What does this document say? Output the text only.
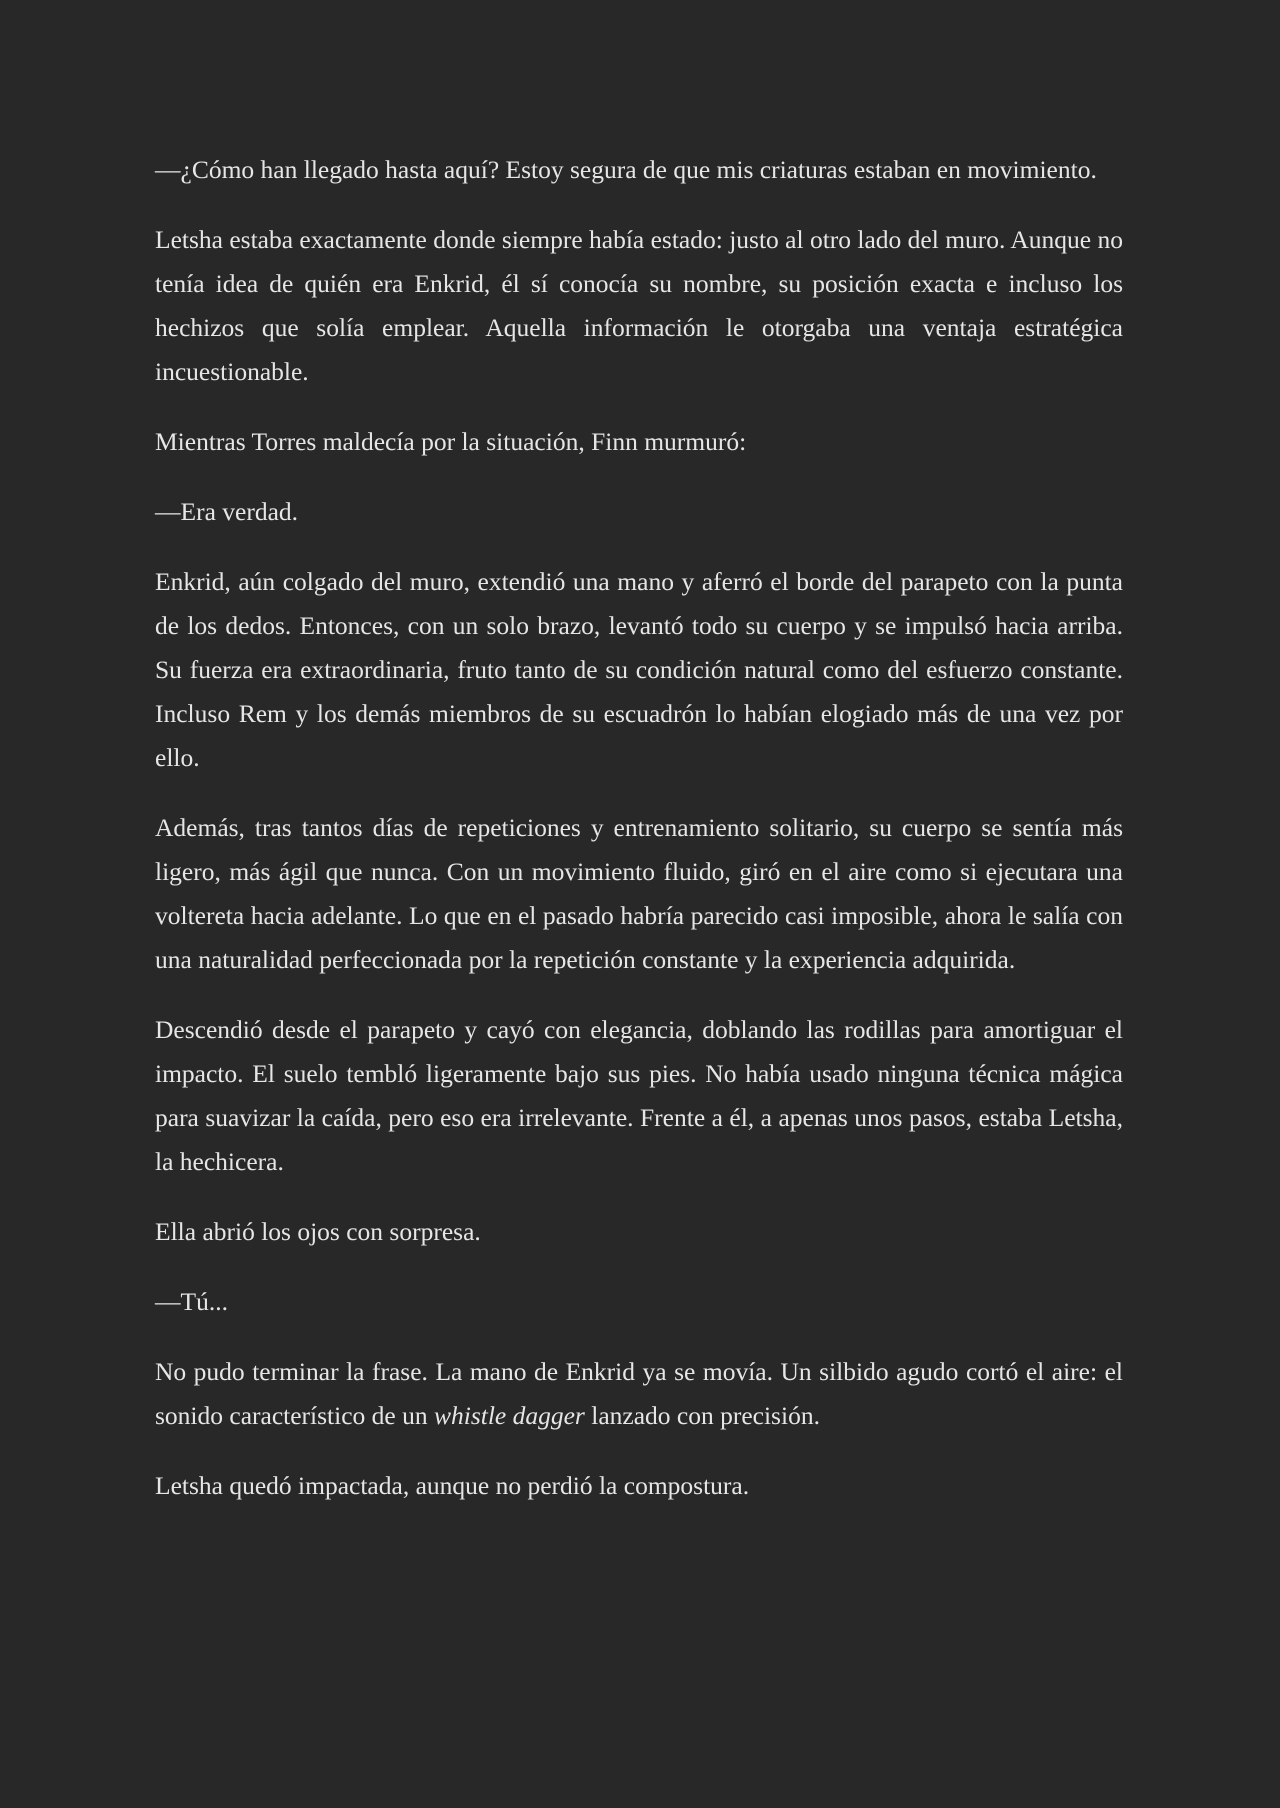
—¿Cómo han llegado hasta aquí? Estoy segura de que mis criaturas estaban en movimiento.

Letsha estaba exactamente donde siempre había estado: justo al otro lado del muro. Aunque no tenía idea de quién era Enkrid, él sí conocía su nombre, su posición exacta e incluso los hechizos que solía emplear. Aquella información le otorgaba una ventaja estratégica incuestionable.

Mientras Torres maldecía por la situación, Finn murmuró:

—Era verdad.

Enkrid, aún colgado del muro, extendió una mano y aferró el borde del parapeto con la punta de los dedos. Entonces, con un solo brazo, levantó todo su cuerpo y se impulsó hacia arriba. Su fuerza era extraordinaria, fruto tanto de su condición natural como del esfuerzo constante. Incluso Rem y los demás miembros de su escuadrón lo habían elogiado más de una vez por ello.

Además, tras tantos días de repeticiones y entrenamiento solitario, su cuerpo se sentía más ligero, más ágil que nunca. Con un movimiento fluido, giró en el aire como si ejecutara una voltereta hacia adelante. Lo que en el pasado habría parecido casi imposible, ahora le salía con una naturalidad perfeccionada por la repetición constante y la experiencia adquirida.

Descendió desde el parapeto y cayó con elegancia, doblando las rodillas para amortiguar el impacto. El suelo tembló ligeramente bajo sus pies. No había usado ninguna técnica mágica para suavizar la caída, pero eso era irrelevante. Frente a él, a apenas unos pasos, estaba Letsha, la hechicera.

Ella abrió los ojos con sorpresa.

—Tú...

No pudo terminar la frase. La mano de Enkrid ya se movía. Un silbido agudo cortó el aire: el sonido característico de un whistle dagger lanzado con precisión.

Letsha quedó impactada, aunque no perdió la compostura.
